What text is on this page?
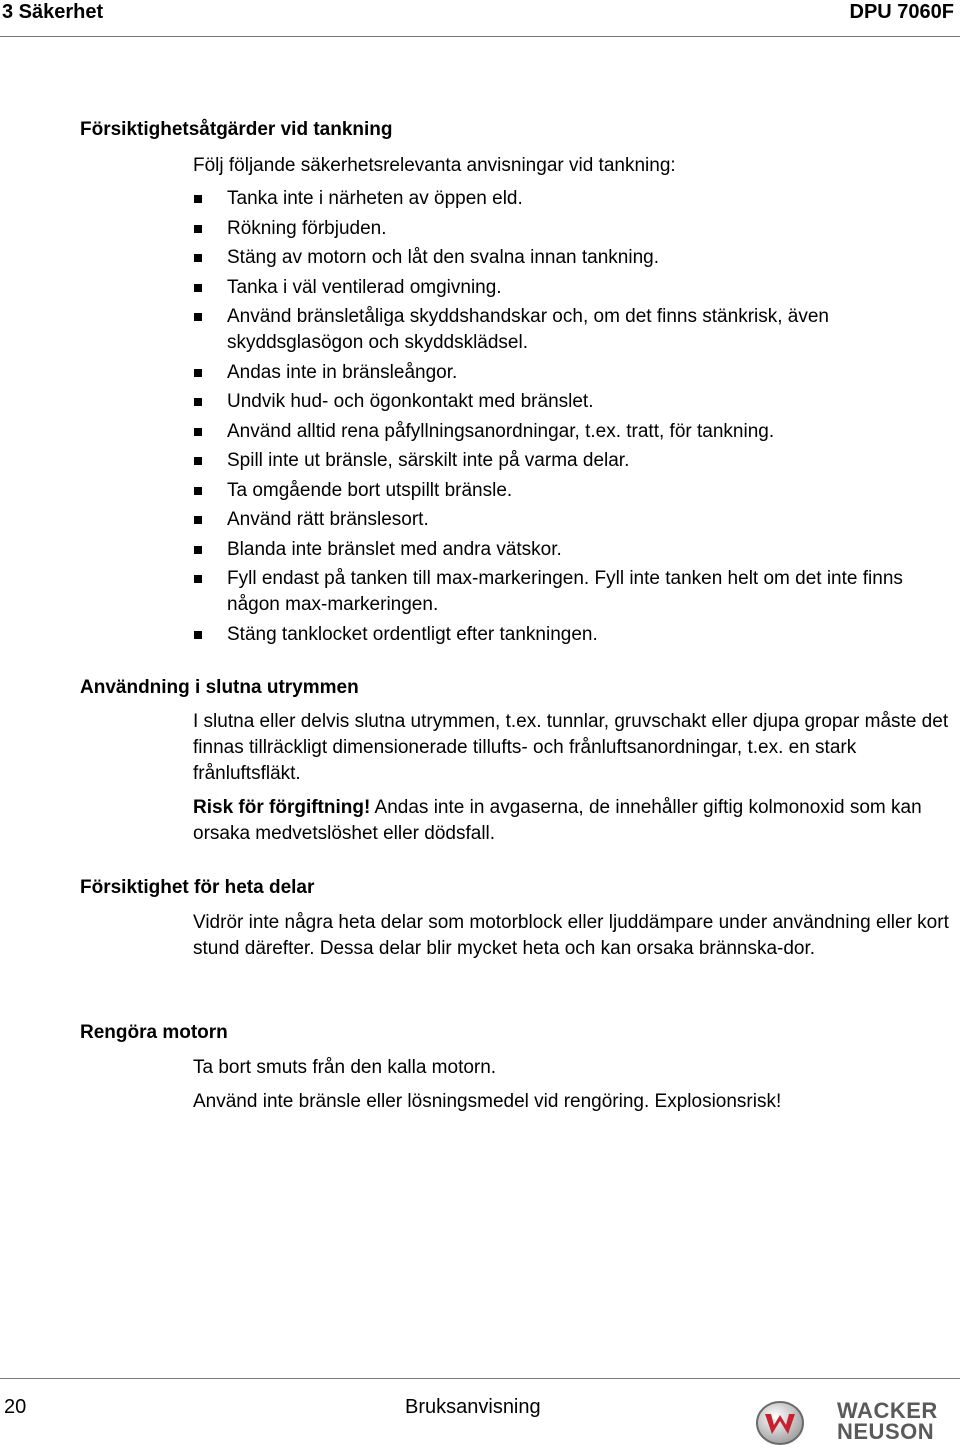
3 Säkerhet	DPU 7060F
Försiktighetsåtgärder vid tankning
Följ följande säkerhetsrelevanta anvisningar vid tankning:
Tanka inte i närheten av öppen eld.
Rökning förbjuden.
Stäng av motorn och låt den svalna innan tankning.
Tanka i väl ventilerad omgivning.
Använd bränsletåliga skyddshandskar och, om det finns stänkrisk, även skyddsglasögon och skyddsklädsel.
Andas inte in bränsleångor.
Undvik hud- och ögonkontakt med bränslet.
Använd alltid rena påfyllningsanordningar, t.ex. tratt, för tankning.
Spill inte ut bränsle, särskilt inte på varma delar.
Ta omgående bort utspillt bränsle.
Använd rätt bränslesort.
Blanda inte bränslet med andra vätskor.
Fyll endast på tanken till max-markeringen. Fyll inte tanken helt om det inte finns någon max-markeringen.
Stäng tanklocket ordentligt efter tankningen.
Användning i slutna utrymmen
I slutna eller delvis slutna utrymmen, t.ex. tunnlar, gruvschakt eller djupa gropar måste det finnas tillräckligt dimensionerade tillufts- och frånluftsanordningar, t.ex. en stark frånluftsfläkt.
Risk för förgiftning! Andas inte in avgaserna, de innehåller giftig kolmonoxid som kan orsaka medvetslöshet eller dödsfall.
Försiktighet för heta delar
Vidrör inte några heta delar som motorblock eller ljuddämpare under användning eller kort stund därefter. Dessa delar blir mycket heta och kan orsaka brännska-dor.
Rengöra motorn
Ta bort smuts från den kalla motorn.
Använd inte bränsle eller lösningsmedel vid rengöring. Explosionsrisk!
20	Bruksanvisning	WACKER
NEUSON
